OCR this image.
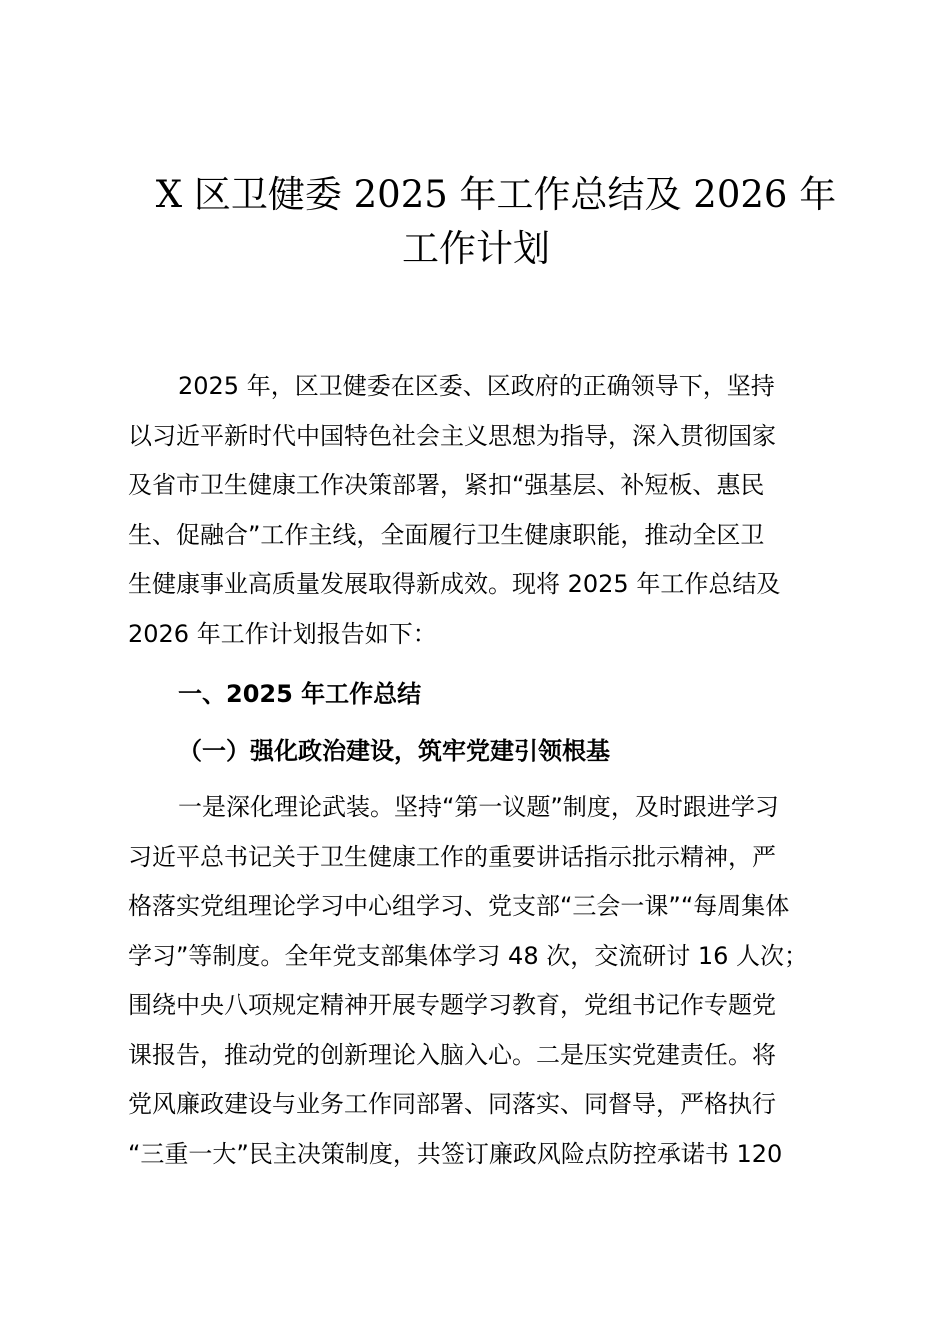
X 区卫健委 2025 年工作总结及 2026 年
工作计划
2025 年，区卫健委在区委、区政府的正确领导下，坚持
以习近平新时代中国特色社会主义思想为指导，深入贯彻国家
及省市卫生健康工作决策部署，紧扣“强基层、补短板、惠民
生、促融合”工作主线，全面履行卫生健康职能，推动全区卫
生健康事业高质量发展取得新成效。现将 2025 年工作总结及
2026 年工作计划报告如下：
一、2025 年工作总结
（一）强化政治建设，筑牢党建引领根基
一是深化理论武装。坚持“第一议题”制度，及时跟进学习
习近平总书记关于卫生健康工作的重要讲话指示批示精神，严
格落实党组理论学习中心组学习、党支部“三会一课”“每周集体
学习”等制度。全年党支部集体学习 48 次，交流研讨 16 人次；
围绕中央八项规定精神开展专题学习教育，党组书记作专题党
课报告，推动党的创新理论入脑入心。二是压实党建责任。将
党风廉政建设与业务工作同部署、同落实、同督导，严格执行
“三重一大”民主决策制度，共签订廉政风险点防控承诺书 120
